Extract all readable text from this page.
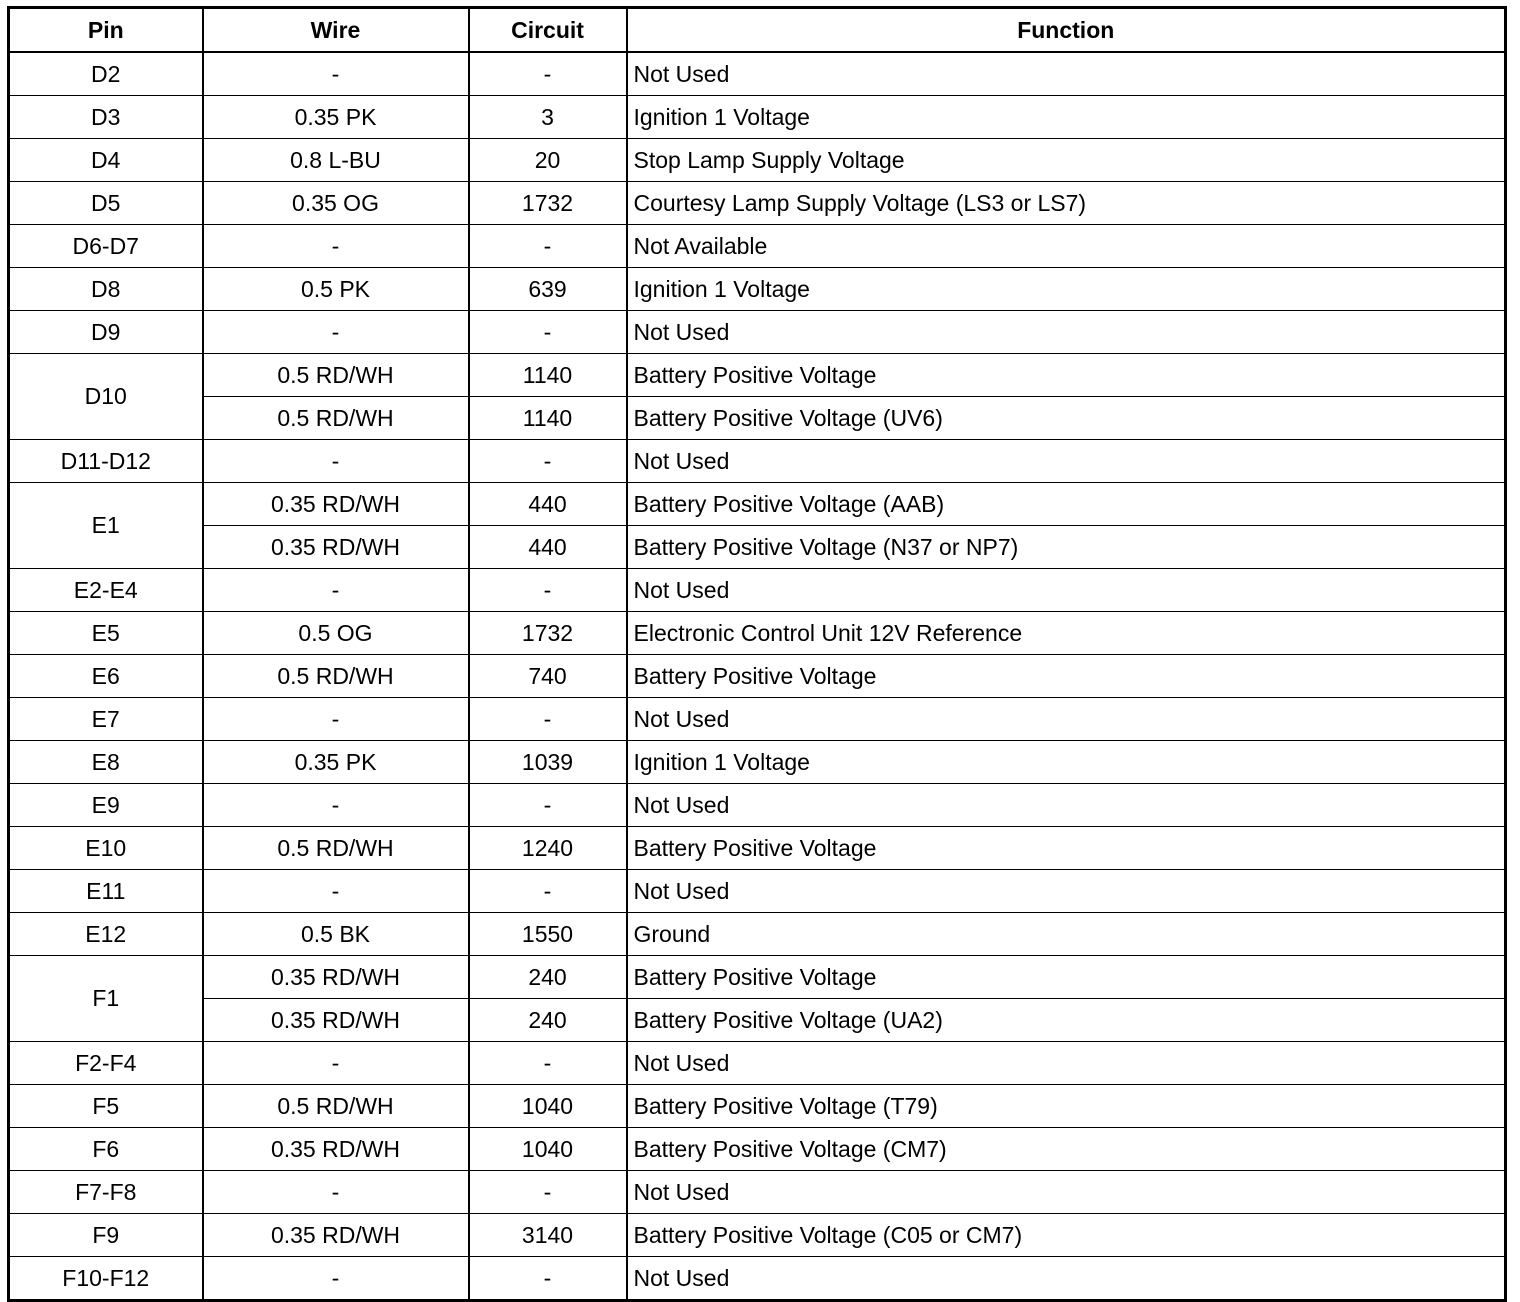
Pin	Wire	Circuit	Function
D2	-	-	Not Used
D3	0.35 PK	3	Ignition 1 Voltage
D4	0.8 L-BU	20	Stop Lamp Supply Voltage
D5	0.35 OG	1732	Courtesy Lamp Supply Voltage (LS3 or LS7)
D6-D7	-	-	Not Available
D8	0.5 PK	639	Ignition 1 Voltage
D9	-	-	Not Used
D10	0.5 RD/WH	1140	Battery Positive Voltage
	0.5 RD/WH	1140	Battery Positive Voltage (UV6)
D11-D12	-	-	Not Used
E1	0.35 RD/WH	440	Battery Positive Voltage (AAB)
	0.35 RD/WH	440	Battery Positive Voltage (N37 or NP7)
E2-E4	-	-	Not Used
E5	0.5 OG	1732	Electronic Control Unit 12V Reference
E6	0.5 RD/WH	740	Battery Positive Voltage
E7	-	-	Not Used
E8	0.35 PK	1039	Ignition 1 Voltage
E9	-	-	Not Used
E10	0.5 RD/WH	1240	Battery Positive Voltage
E11	-	-	Not Used
E12	0.5 BK	1550	Ground
F1	0.35 RD/WH	240	Battery Positive Voltage
	0.35 RD/WH	240	Battery Positive Voltage (UA2)
F2-F4	-	-	Not Used
F5	0.5 RD/WH	1040	Battery Positive Voltage (T79)
F6	0.35 RD/WH	1040	Battery Positive Voltage (CM7)
F7-F8	-	-	Not Used
F9	0.35 RD/WH	3140	Battery Positive Voltage (C05 or CM7)
F10-F12	-	-	Not Used
